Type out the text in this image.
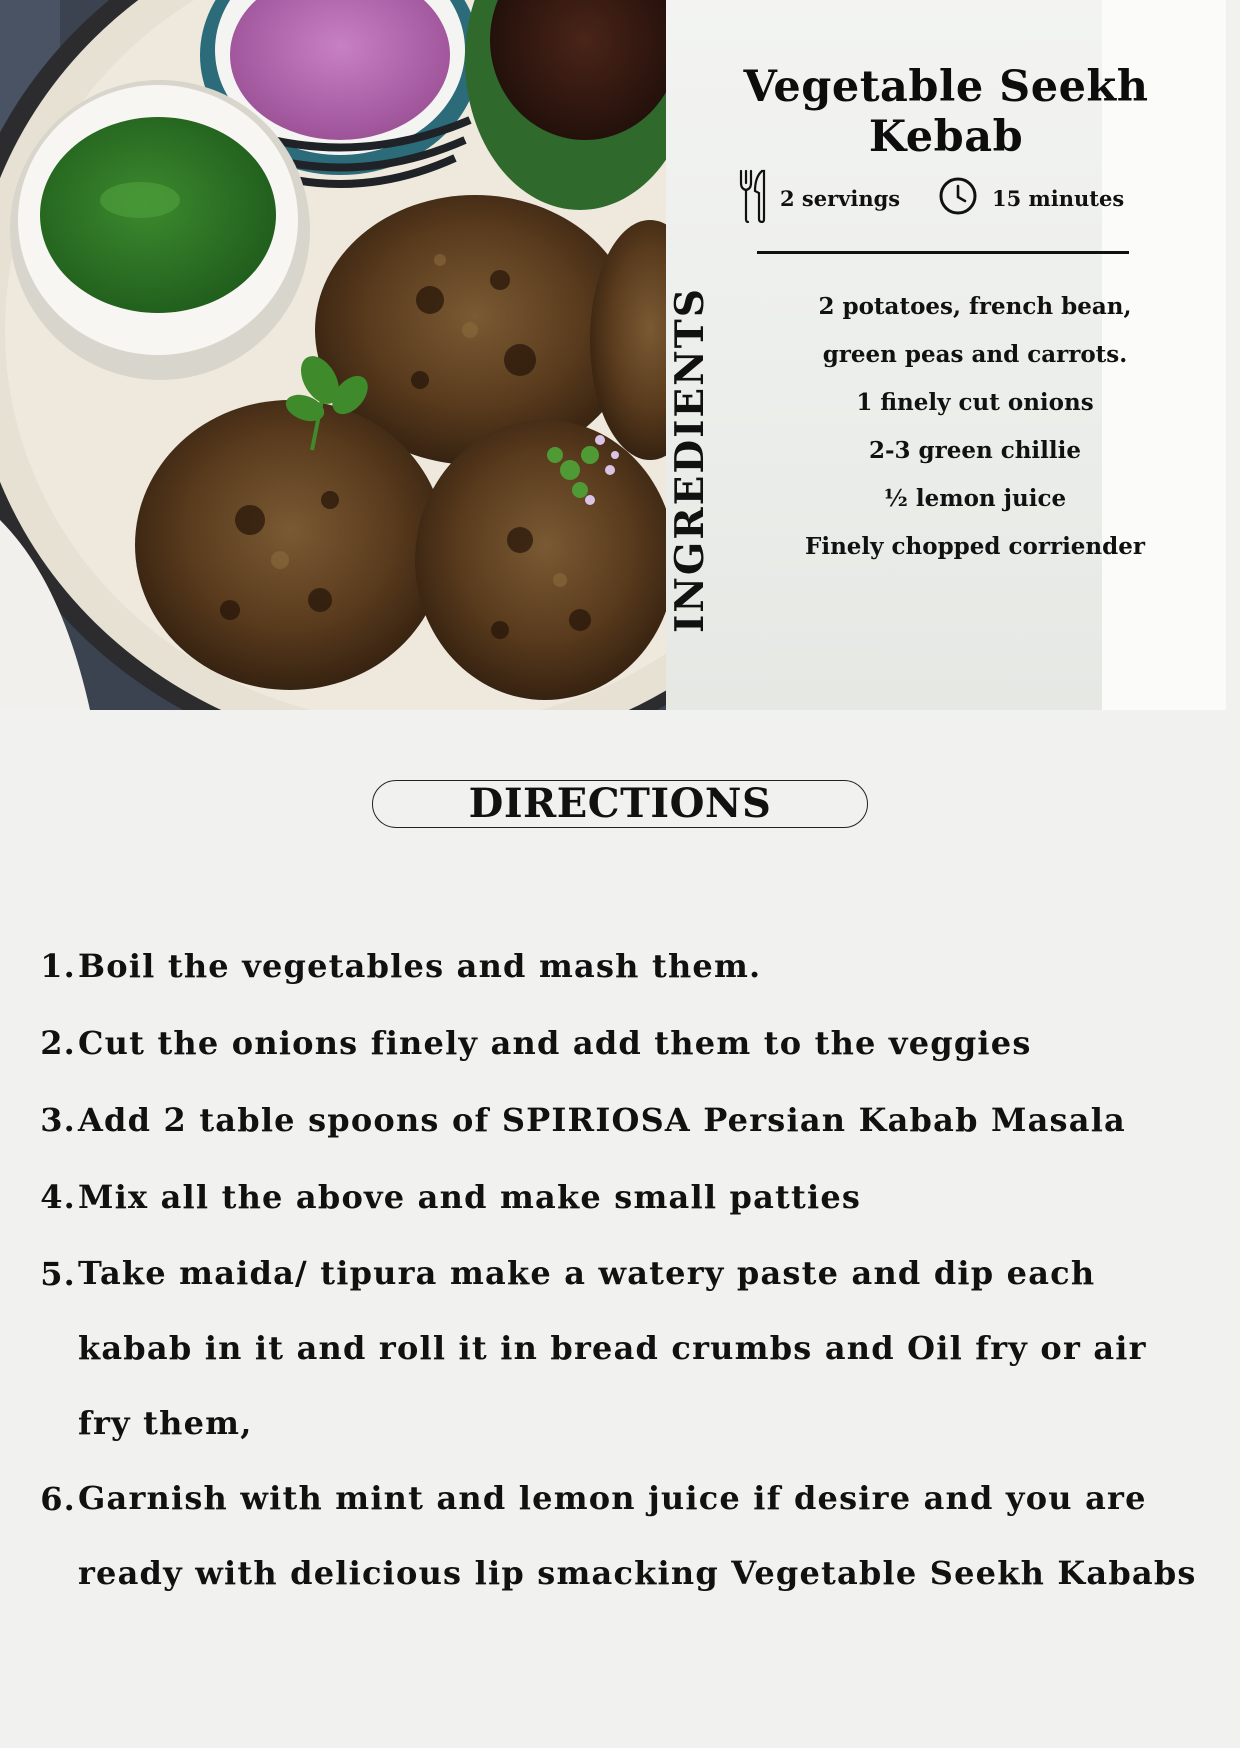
Vegetable Seekh Kebab
2 servings	15 minutes
INGREDIENTS	2 potatoes, french bean,
green peas and carrots.
1 finely cut onions
2-3 green chillie
½ lemon juice
Finely chopped corriender
DIRECTIONS
1. Boil the vegetables and mash them.
2. Cut the onions finely and add them to the veggies
3. Add 2 table spoons of SPIRIOSA Persian Kabab Masala
4. Mix all the above and make small patties
5. Take maida/ tipura make a watery paste and dip each kabab in it and roll it in bread crumbs and Oil fry or air fry them,
6. Garnish with mint and lemon juice if desire and you are ready with delicious lip smacking Vegetable Seekh Kababs
